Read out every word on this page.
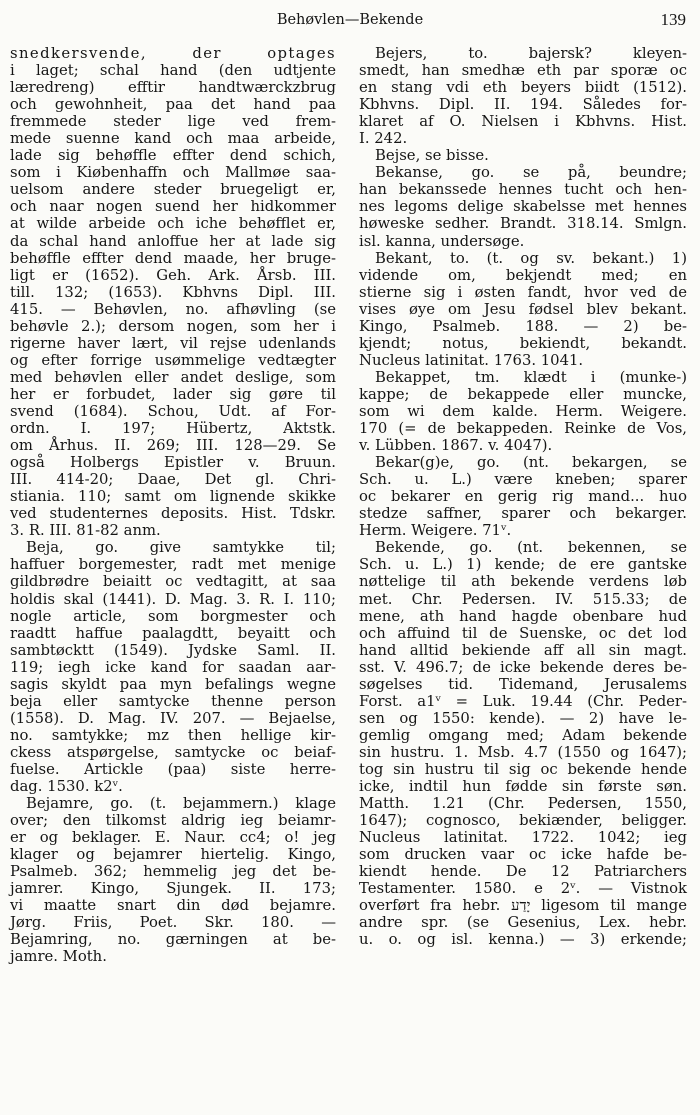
Behøvlen—Bekende	139
snedkersvende, der optages
i laget; schal hand (den udtjente
læredreng) efftir handtwærckzbrug
och gewohnheit, paa det hand paa
fremmede steder lige ved frem-
mede suenne kand och maa arbeide,
lade sig behøffle effter dend schich,
som i Kiøbenhaffn och Mallmøe saa-
uelsom andere steder bruegeligt er,
och naar nogen suend her hidkommer
at wilde arbeide och iche behøfflet er,
da schal hand anloffue her at lade sig
behøffle effter dend maade, her bruge-
ligt er (1652). Geh. Ark. Årsb. III.
till. 132; (1653). Kbhvns Dipl. III.
415. — Behøvlen, no. afhøvling (se
behøvle 2.); dersom nogen, som her i
rigerne haver lært, vil rejse udenlands
og efter forrige usømmelige vedtægter
med behøvlen eller andet deslige, som
her er forbudet, lader sig gøre til
svend (1684). Schou, Udt. af For-
ordn. I. 197; Hübertz, Aktstk.
om Århus. II. 269; III. 128—29. Se
også Holbergs Epistler v. Bruun.
III. 414-20; Daae, Det gl. Chri-
stiania. 110; samt om lignende skikke
ved studenternes deposits. Hist. Tdskr.
3. R. III. 81-82 anm.
Beja, go. give samtykke til;
haffuer borgemester, radt met menige
gildbrødre beiaitt oc vedtagitt, at saa
holdis skal (1441). D. Mag. 3. R. I. 110;
nogle article, som borgmester och
raadtt haffue paalagdtt, beyaitt och
sambtøcktt (1549). Jydske Saml. II.
119; iegh icke kand for saadan aar-
sagis skyldt paa myn befalings wegne
beja eller samtycke thenne person
(1558). D. Mag. IV. 207. — Bejaelse,
no. samtykke; mz then hellige kir-
ckess atspørgelse, samtycke oc beiaf-
fuelse. Artickle (paa) siste herre-
dag. 1530. k2ᵛ.
Bejamre, go. (t. bejammern.) klage
over; den tilkomst aldrig ieg beiamr-
er og beklager. E. Naur. cc4; o! jeg
klager og bejamrer hiertelig. Kingo,
Psalmeb. 362; hemmelig jeg det be-
jamrer. Kingo, Sjungek. II. 173;
vi maatte snart din død bejamre.
Jørg. Friis, Poet. Skr. 180. —
Bejamring, no. gærningen at be-
jamre. Moth.
Bejers, to. bajersk? kleyen-
smedt, han smedhæ eth par sporæ oc
en stang vdi eth beyers biidt (1512).
Kbhvns. Dipl. II. 194. Således for-
klaret af O. Nielsen i Kbhvns. Hist.
I. 242.
Bejse, se bisse.
Bekanse, go. se på, beundre;
han bekanssede hennes tucht och hen-
nes legoms delige skabelsse met hennes
høweske sedher. Brandt. 318.14. Smlgn.
isl. kanna, undersøge.
Bekant, to. (t. og sv. bekant.) 1)
vidende om, bekjendt med; en
stierne sig i østen fandt, hvor ved de
vises øye om Jesu fødsel blev bekant.
Kingo, Psalmeb. 188. — 2) be-
kjendt; notus, bekiendt, bekandt.
Nucleus latinitat. 1763. 1041.
Bekappet, tm. klædt i (munke-)
kappe; de bekappede eller muncke,
som wi dem kalde. Herm. Weigere.
170 (= de bekappeden. Reinke de Vos,
v. Lübben. 1867. v. 4047).
Bekar(g)e, go. (nt. bekargen, se
Sch. u. L.) være kneben; sparer
oc bekarer en gerig rig mand... huo
stedze saffner, sparer och bekarger.
Herm. Weigere. 71ᵛ.
Bekende, go. (nt. bekennen, se
Sch. u. L.) 1) kende; de ere gantske
nøttelige til ath bekende verdens løb
met. Chr. Pedersen. IV. 515.33; de
mene, ath hand hagde obenbare hud
och affuind til de Suenske, oc det lod
hand alltid bekiende aff all sin magt.
sst. V. 496.7; de icke bekende deres be-
søgelses tid. Tidemand, Jerusalems
Forst. a1ᵛ = Luk. 19.44 (Chr. Peder-
sen og 1550: kende). — 2) have le-
gemlig omgang med; Adam bekende
sin hustru. 1. Msb. 4.7 (1550 og 1647);
tog sin hustru til sig oc bekende hende
icke, indtil hun fødde sin første søn.
Matth. 1.21 (Chr. Pedersen, 1550,
1647); cognosco, bekiænder, beligger.
Nucleus latinitat. 1722. 1042; ieg
som drucken vaar oc icke hafde be-
kiendt hende. De 12 Patriarchers
Testamenter. 1580. e 2ᵛ. — Vistnok
overført fra hebr. יָדַע ligesom til mange
andre spr. (se Gesenius, Lex. hebr.
u. o. og isl. kenna.) — 3) erkende;
